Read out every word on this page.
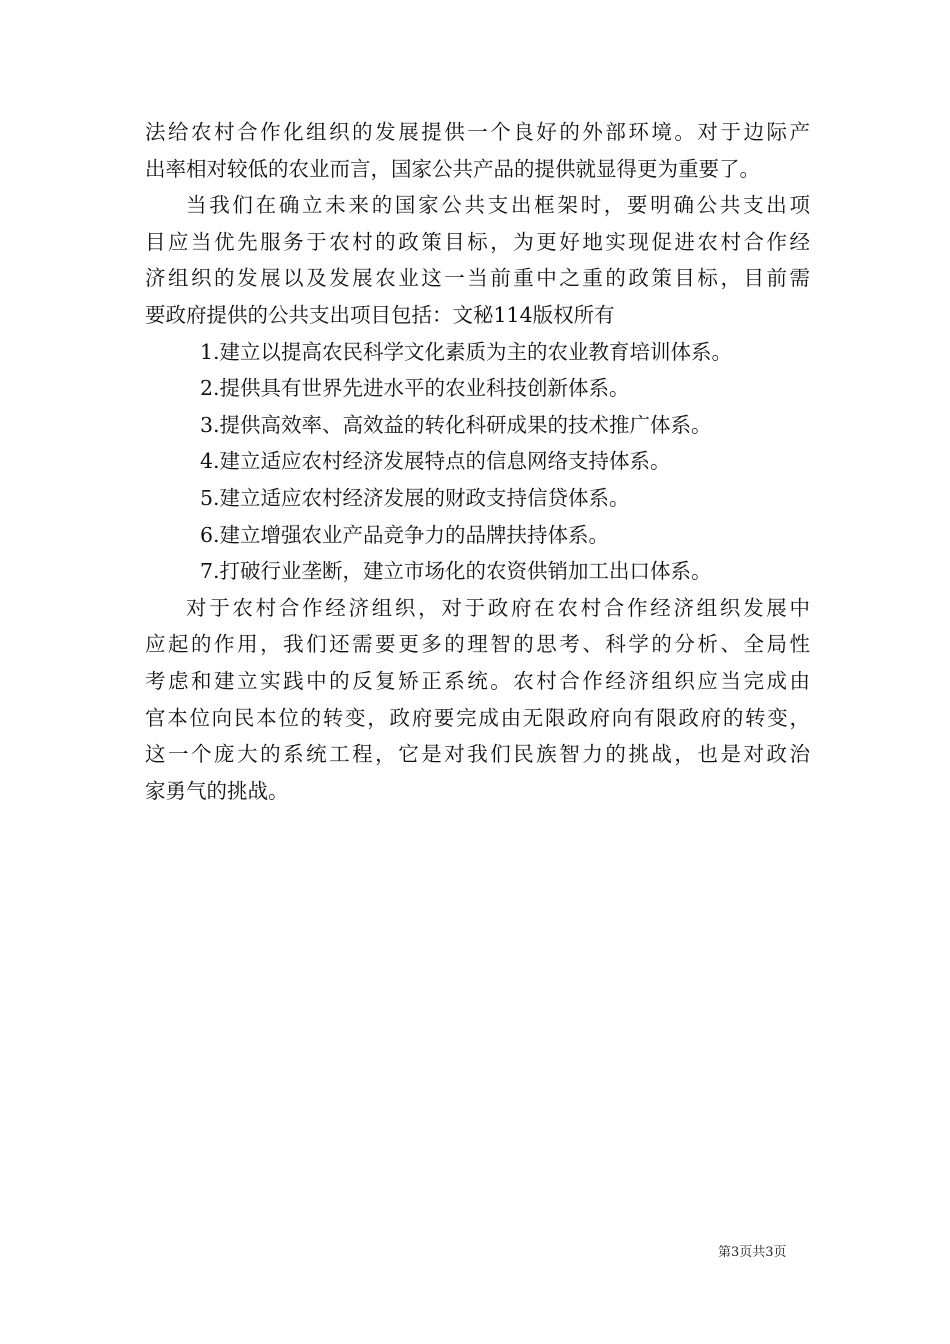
法给农村合作化组织的发展提供一个良好的外部环境。对于边际产
出率相对较低的农业而言，国家公共产品的提供就显得更为重要了。
当我们在确立未来的国家公共支出框架时，要明确公共支出项
目应当优先服务于农村的政策目标，为更好地实现促进农村合作经
济组织的发展以及发展农业这一当前重中之重的政策目标，目前需
要政府提供的公共支出项目包括：文秘114版权所有
1.建立以提高农民科学文化素质为主的农业教育培训体系。
2.提供具有世界先进水平的农业科技创新体系。
3.提供高效率、高效益的转化科研成果的技术推广体系。
4.建立适应农村经济发展特点的信息网络支持体系。
5.建立适应农村经济发展的财政支持信贷体系。
6.建立增强农业产品竞争力的品牌扶持体系。
7.打破行业垄断，建立市场化的农资供销加工出口体系。
对于农村合作经济组织，对于政府在农村合作经济组织发展中
应起的作用，我们还需要更多的理智的思考、科学的分析、全局性
考虑和建立实践中的反复矫正系统。农村合作经济组织应当完成由
官本位向民本位的转变，政府要完成由无限政府向有限政府的转变，
这一个庞大的系统工程，它是对我们民族智力的挑战，也是对政治
家勇气的挑战。
第3页共3页
